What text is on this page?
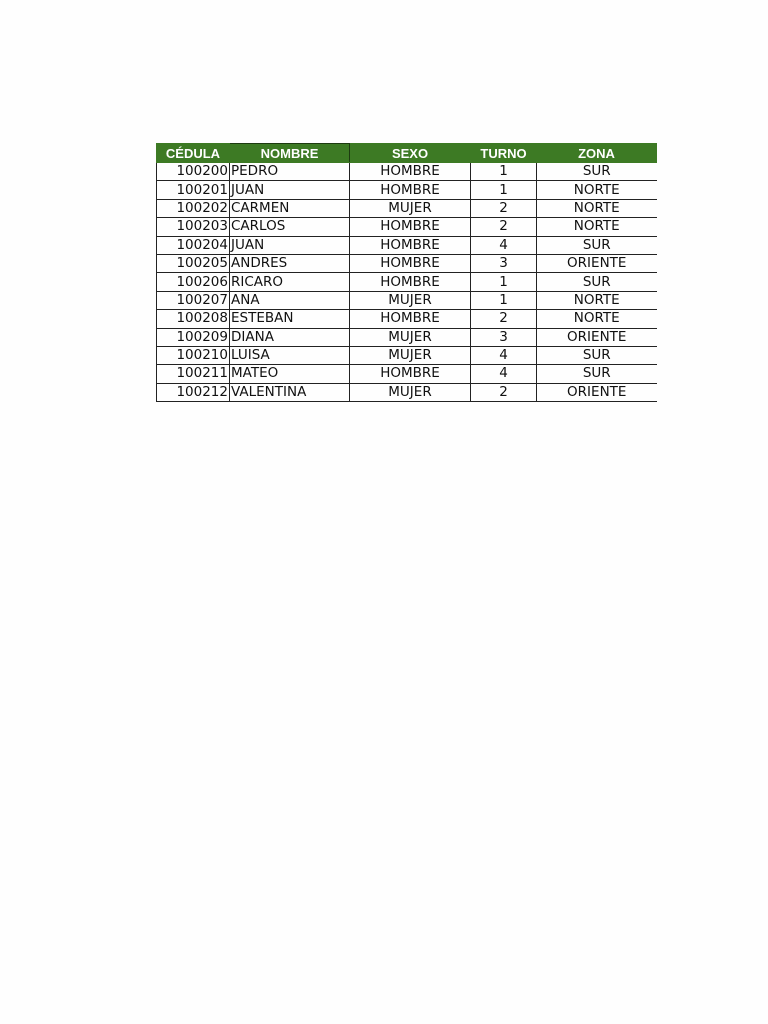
CÉDULA	NOMBRE	SEXO	TURNO	ZONA
100200	PEDRO	HOMBRE	1	SUR
100201	JUAN	HOMBRE	1	NORTE
100202	CARMEN	MUJER	2	NORTE
100203	CARLOS	HOMBRE	2	NORTE
100204	JUAN	HOMBRE	4	SUR
100205	ANDRES	HOMBRE	3	ORIENTE
100206	RICARO	HOMBRE	1	SUR
100207	ANA	MUJER	1	NORTE
100208	ESTEBAN	HOMBRE	2	NORTE
100209	DIANA	MUJER	3	ORIENTE
100210	LUISA	MUJER	4	SUR
100211	MATEO	HOMBRE	4	SUR
100212	VALENTINA	MUJER	2	ORIENTE
